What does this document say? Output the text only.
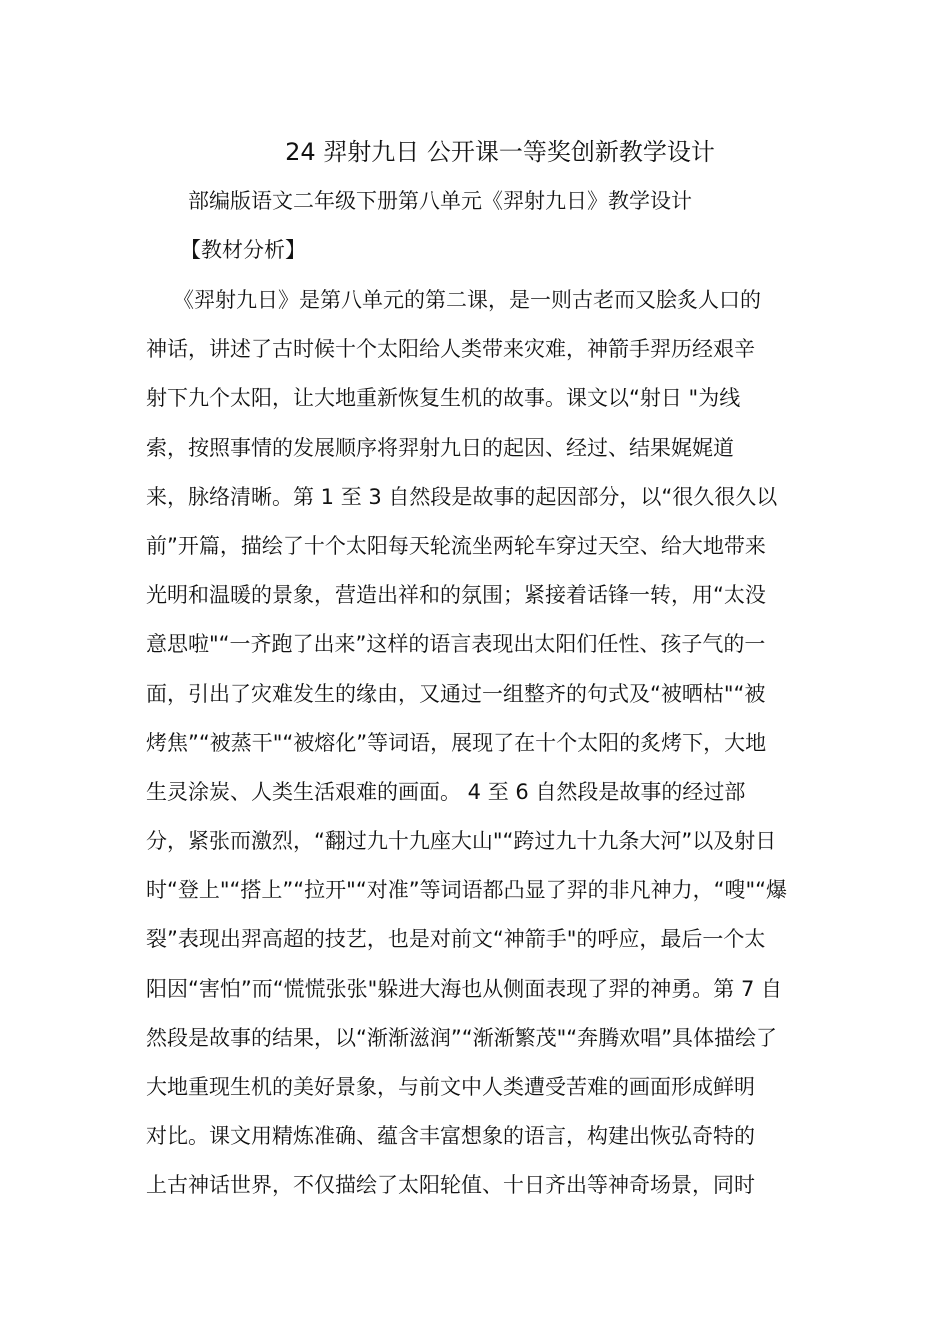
24 羿射九日 公开课一等奖创新教学设计
部编版语文二年级下册第八单元《羿射九日》教学设计
【教材分析】
《羿射九日》是第八单元的第二课，是一则古老而又脍炙人口的
神话，讲述了古时候十个太阳给人类带来灾难，神箭手羿历经艰辛
射下九个太阳，让大地重新恢复生机的故事。课文以“射日 "为线
索，按照事情的发展顺序将羿射九日的起因、经过、结果娓娓道
来，脉络清晰。第 1 至 3 自然段是故事的起因部分，以“很久很久以
前”开篇，描绘了十个太阳每天轮流坐两轮车穿过天空、给大地带来
光明和温暖的景象，营造出祥和的氛围；紧接着话锋一转，用“太没
意思啦"“一齐跑了出来”这样的语言表现出太阳们任性、孩子气的一
面，引出了灾难发生的缘由，又通过一组整齐的句式及“被晒枯"“被
烤焦”“被蒸干"“被熔化”等词语，展现了在十个太阳的炙烤下，大地
生灵涂炭、人类生活艰难的画面。 4 至 6 自然段是故事的经过部
分，紧张而激烈，“翻过九十九座大山"“跨过九十九条大河”以及射日
时“登上"“搭上”“拉开"“对准”等词语都凸显了羿的非凡神力，“嗖"“爆
裂”表现出羿高超的技艺，也是对前文“神箭手"的呼应，最后一个太
阳因“害怕”而“慌慌张张"躲进大海也从侧面表现了羿的神勇。第 7 自
然段是故事的结果，以“渐渐滋润”“渐渐繁茂"“奔腾欢唱”具体描绘了
大地重现生机的美好景象，与前文中人类遭受苦难的画面形成鲜明
对比。课文用精炼准确、蕴含丰富想象的语言，构建出恢弘奇特的
上古神话世界，不仅描绘了太阳轮值、十日齐出等神奇场景，同时
